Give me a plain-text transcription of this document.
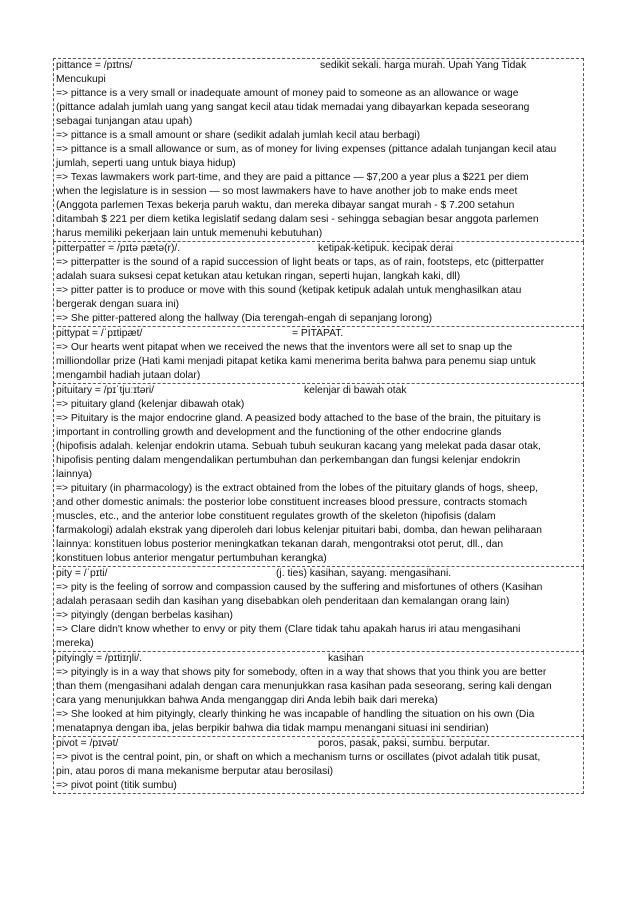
pittance = /pɪtns/	sedikit sekali. harga murah. Upah Yang Tidak

Mencukupi

=> pittance is a very small or inadequate amount of money paid to someone as an allowance or wage

(pittance adalah jumlah uang yang sangat kecil atau tidak memadai yang dibayarkan kepada seseorang

sebagai tunjangan atau upah)

=> pittance is a small amount or share (sedikit adalah jumlah kecil atau berbagi)

=> pittance is a small allowance or sum, as of money for living expenses (pittance adalah tunjangan kecil atau

jumlah, seperti uang untuk biaya hidup)

=> Texas lawmakers work part-time, and they are paid a pittance — $7,200 a year plus a $221 per diem

when the legislature is in session — so most lawmakers have to have another job to make ends meet

(Anggota parlemen Texas bekerja paruh waktu, dan mereka dibayar sangat murah - $ 7.200 setahun

ditambah $ 221 per diem ketika legislatif sedang dalam sesi - sehingga sebagian besar anggota parlemen

harus memiliki pekerjaan lain untuk memenuhi kebutuhan)

pitterpatter = /pɪtə pætə(r)/.	ketipak-ketipuk. kecipak derai

=> pitterpatter is the sound of a rapid succession of light beats or taps, as of rain, footsteps, etc (pitterpatter

adalah suara suksesi cepat ketukan atau ketukan ringan, seperti hujan, langkah kaki, dll)

=> pitter patter is to produce or move with this sound (ketipak ketipuk adalah untuk menghasilkan atau

bergerak dengan suara ini)

=> She pitter-pattered along the hallway (Dia terengah-engah di sepanjang lorong)

pittypat = /ˈpɪtipæt/	= PITAPAT.

=> Our hearts went pitapat when we received the news that the inventors were all set to snap up the

milliondollar prize (Hati kami menjadi pitapat ketika kami menerima berita bahwa para penemu siap untuk

mengambil hadiah jutaan dolar)

pituitary = /pɪˈtjuːɪtəri/	kelenjar di bawah otak

=> pituitary gland (kelenjar dibawah otak)

=> Pituitary is the major endocrine gland. A peasized body attached to the base of the brain, the pituitary is

important in controlling growth and development and the functioning of the other endocrine glands

(hipofisis adalah. kelenjar endokrin utama. Sebuah tubuh seukuran kacang yang melekat pada dasar otak,

hipofisis penting dalam mengendalikan pertumbuhan dan perkembangan dan fungsi kelenjar endokrin

lainnya)

=> pituitary (in pharmacology) is the extract obtained from the lobes of the pituitary glands of hogs, sheep,

and other domestic animals: the posterior lobe constituent increases blood pressure, contracts stomach

muscles, etc., and the anterior lobe constituent regulates growth of the skeleton (hipofisis (dalam

farmakologi) adalah ekstrak yang diperoleh dari lobus kelenjar pituitari babi, domba, dan hewan peliharaan

lainnya: konstituen lobus posterior meningkatkan tekanan darah, mengontraksi otot perut, dll., dan

konstituen lobus anterior mengatur pertumbuhan kerangka)

pity = /ˈpɪti/	(j. ties) kasihan, sayang. mengasihani.

=> pity is the feeling of sorrow and compassion caused by the suffering and misfortunes of others (Kasihan

adalah perasaan sedih dan kasihan yang disebabkan oleh penderitaan dan kemalangan orang lain)

=> pityingly (dengan berbelas kasihan)

=> Clare didn't know whether to envy or pity them (Clare tidak tahu apakah harus iri atau mengasihani

mereka)

pityingly = /pɪtiɪŋli/.	kasihan

=> pityingly is in a way that shows pity for somebody, often in a way that shows that you think you are better

than them (mengasihani adalah dengan cara menunjukkan rasa kasihan pada seseorang, sering kali dengan

cara yang menunjukkan bahwa Anda menganggap diri Anda lebih baik dari mereka)

=> She looked at him pityingly, clearly thinking he was incapable of handling the situation on his own (Dia

menatapnya dengan iba, jelas berpikir bahwa dia tidak mampu menangani situasi ini sendirian)

pivot = /pɪvət/	poros, pasak, paksi, sumbu. berputar.

=> pivot is the central point, pin, or shaft on which a mechanism turns or oscillates (pivot adalah titik pusat,

pin, atau poros di mana mekanisme berputar atau berosilasi)

=> pivot point (titik sumbu)
